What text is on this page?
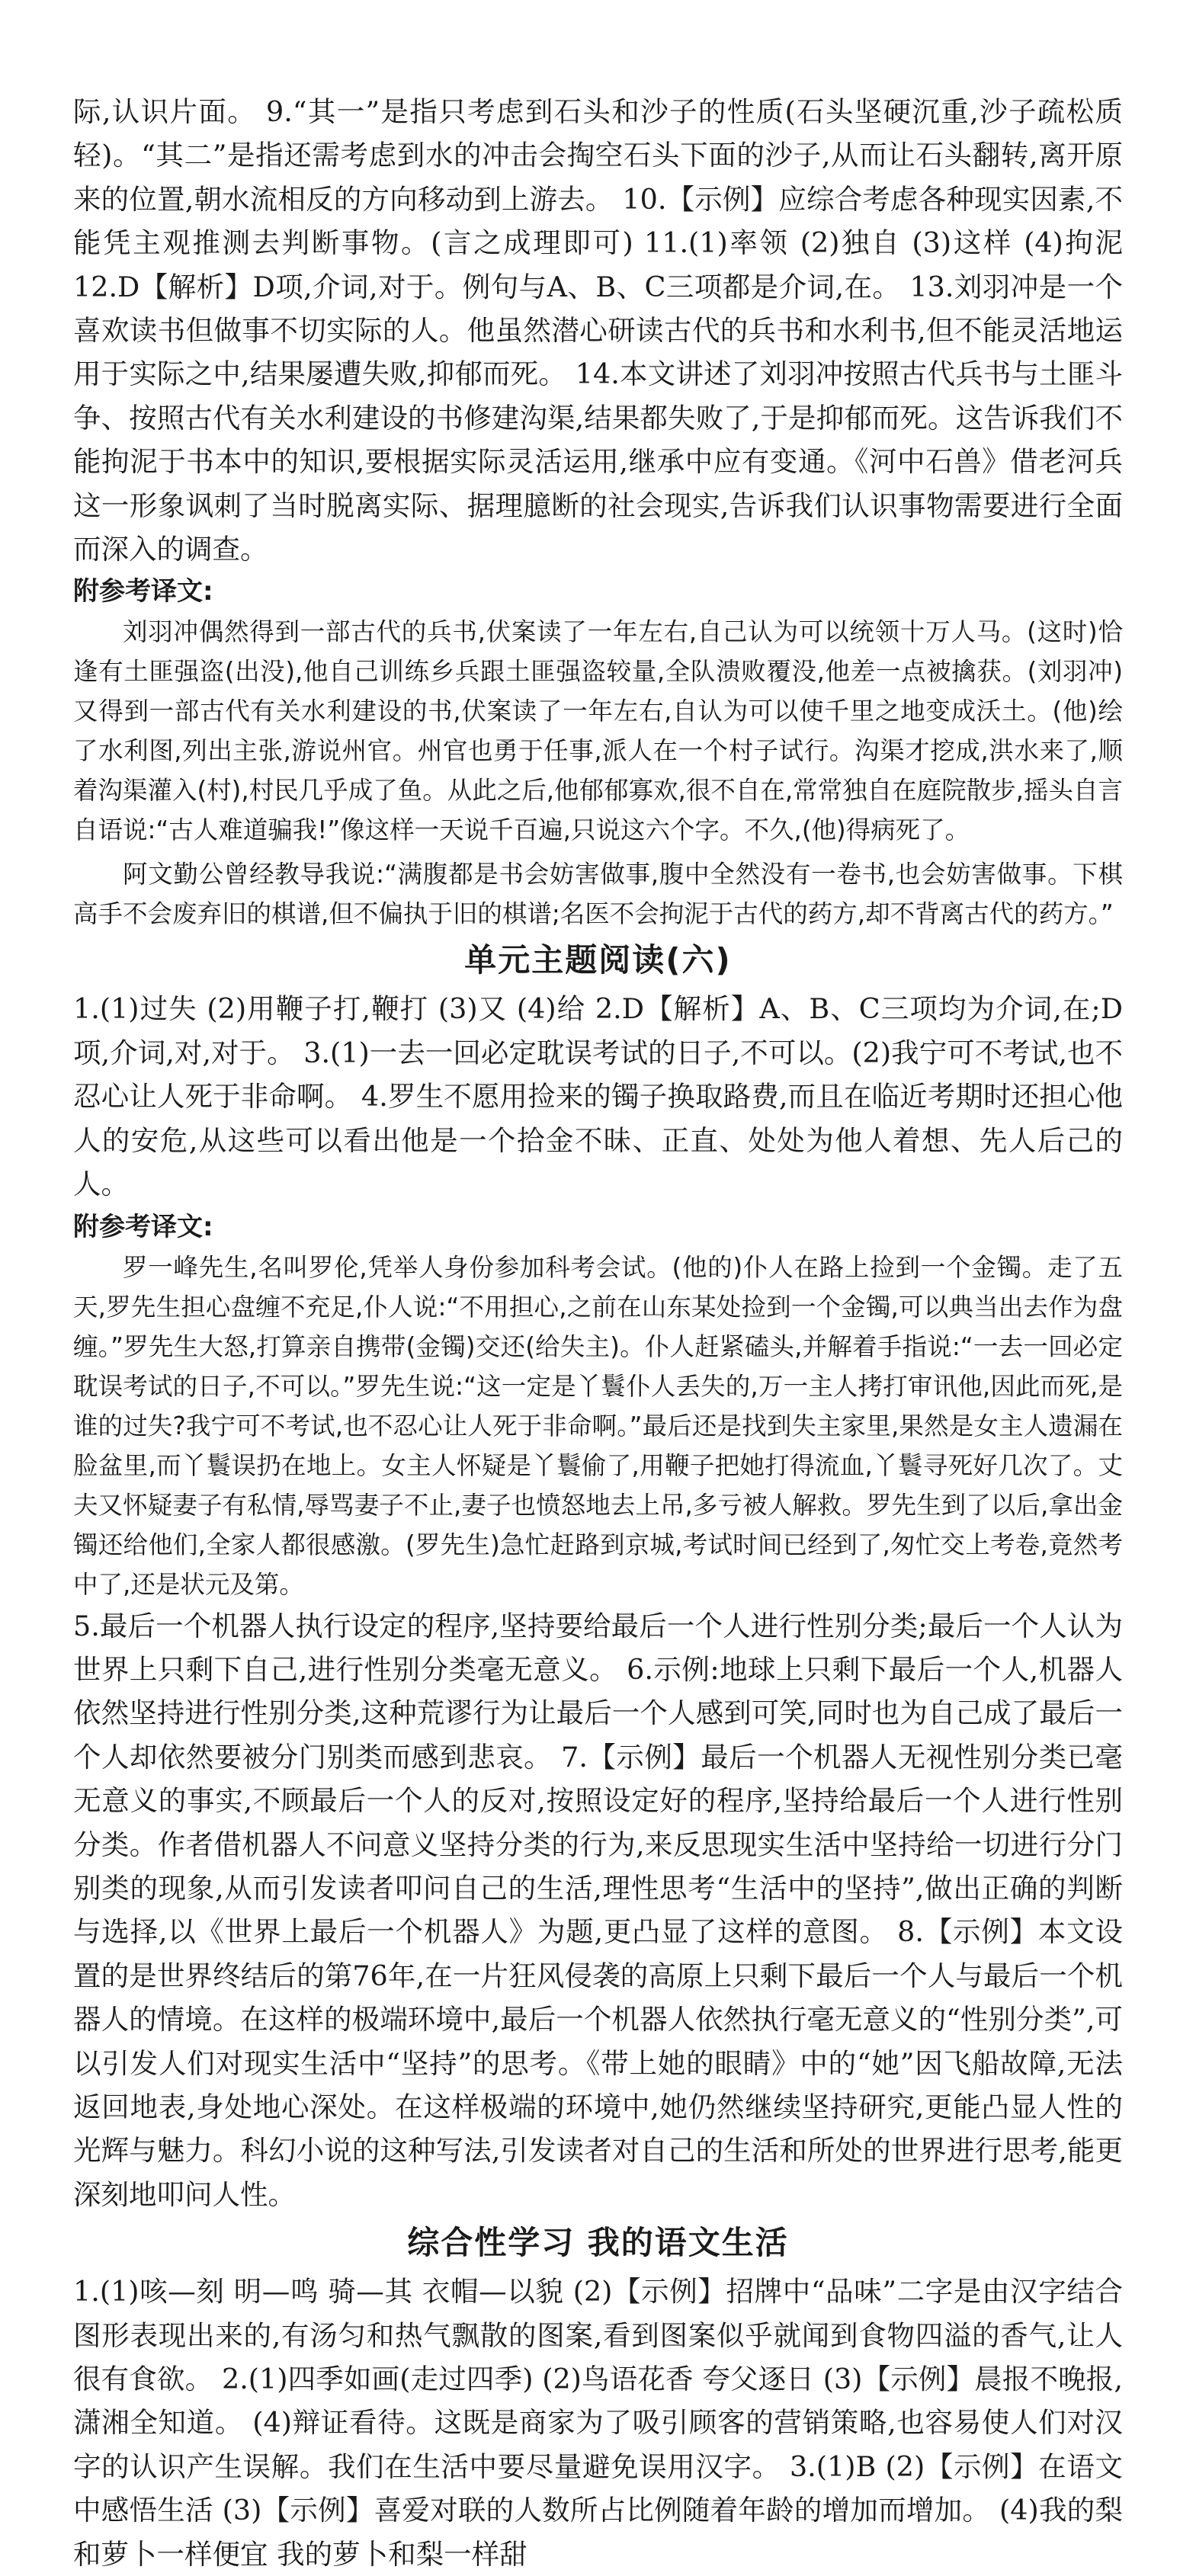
际,认识片面。 9.“其一”是指只考虑到石头和沙子的性质(石头坚硬沉重,沙子疏松质轻)。“其二”是指还需考虑到水的冲击会掏空石头下面的沙子,从而让石头翻转,离开原来的位置,朝水流相反的方向移动到上游去。 10.【示例】应综合考虑各种现实因素,不能凭主观推测去判断事物。(言之成理即可) 11.(1)率领 (2)独自 (3)这样 (4)拘泥 12.D【解析】D项,介词,对于。例句与A、B、C三项都是介词,在。 13.刘羽冲是一个喜欢读书但做事不切实际的人。他虽然潜心研读古代的兵书和水利书,但不能灵活地运用于实际之中,结果屡遭失败,抑郁而死。 14.本文讲述了刘羽冲按照古代兵书与土匪斗争、按照古代有关水利建设的书修建沟渠,结果都失败了,于是抑郁而死。这告诉我们不能拘泥于书本中的知识,要根据实际灵活运用,继承中应有变通。《河中石兽》借老河兵这一形象讽刺了当时脱离实际、据理臆断的社会现实,告诉我们认识事物需要进行全面而深入的调查。

附参考译文:

刘羽冲偶然得到一部古代的兵书,伏案读了一年左右,自己认为可以统领十万人马。(这时)恰逢有土匪强盗(出没),他自己训练乡兵跟土匪强盗较量,全队溃败覆没,他差一点被擒获。(刘羽冲)又得到一部古代有关水利建设的书,伏案读了一年左右,自认为可以使千里之地变成沃土。(他)绘了水利图,列出主张,游说州官。州官也勇于任事,派人在一个村子试行。沟渠才挖成,洪水来了,顺着沟渠灌入(村),村民几乎成了鱼。从此之后,他郁郁寡欢,很不自在,常常独自在庭院散步,摇头自言自语说:“古人难道骗我!”像这样一天说千百遍,只说这六个字。不久,(他)得病死了。

阿文勤公曾经教导我说:“满腹都是书会妨害做事,腹中全然没有一卷书,也会妨害做事。下棋高手不会废弃旧的棋谱,但不偏执于旧的棋谱;名医不会拘泥于古代的药方,却不背离古代的药方。”

单元主题阅读(六)

1.(1)过失 (2)用鞭子打,鞭打 (3)又 (4)给 2.D【解析】A、B、C三项均为介词,在;D项,介词,对,对于。 3.(1)一去一回必定耽误考试的日子,不可以。(2)我宁可不考试,也不忍心让人死于非命啊。 4.罗生不愿用捡来的镯子换取路费,而且在临近考期时还担心他人的安危,从这些可以看出他是一个拾金不昧、正直、处处为他人着想、先人后己的人。

附参考译文:

罗一峰先生,名叫罗伦,凭举人身份参加科考会试。(他的)仆人在路上捡到一个金镯。走了五天,罗先生担心盘缠不充足,仆人说:“不用担心,之前在山东某处捡到一个金镯,可以典当出去作为盘缠。”罗先生大怒,打算亲自携带(金镯)交还(给失主)。仆人赶紧磕头,并解着手指说:“一去一回必定耽误考试的日子,不可以。”罗先生说:“这一定是丫鬟仆人丢失的,万一主人拷打审讯他,因此而死,是谁的过失?我宁可不考试,也不忍心让人死于非命啊。”最后还是找到失主家里,果然是女主人遗漏在脸盆里,而丫鬟误扔在地上。女主人怀疑是丫鬟偷了,用鞭子把她打得流血,丫鬟寻死好几次了。丈夫又怀疑妻子有私情,辱骂妻子不止,妻子也愤怒地去上吊,多亏被人解救。罗先生到了以后,拿出金镯还给他们,全家人都很感激。(罗先生)急忙赶路到京城,考试时间已经到了,匆忙交上考卷,竟然考中了,还是状元及第。

5.最后一个机器人执行设定的程序,坚持要给最后一个人进行性别分类;最后一个人认为世界上只剩下自己,进行性别分类毫无意义。 6.示例:地球上只剩下最后一个人,机器人依然坚持进行性别分类,这种荒谬行为让最后一个人感到可笑,同时也为自己成了最后一个人却依然要被分门别类而感到悲哀。 7.【示例】最后一个机器人无视性别分类已毫无意义的事实,不顾最后一个人的反对,按照设定好的程序,坚持给最后一个人进行性别分类。作者借机器人不问意义坚持分类的行为,来反思现实生活中坚持给一切进行分门别类的现象,从而引发读者叩问自己的生活,理性思考“生活中的坚持”,做出正确的判断与选择,以《世界上最后一个机器人》为题,更凸显了这样的意图。 8.【示例】本文设置的是世界终结后的第76年,在一片狂风侵袭的高原上只剩下最后一个人与最后一个机器人的情境。在这样的极端环境中,最后一个机器人依然执行毫无意义的“性别分类”,可以引发人们对现实生活中“坚持”的思考。《带上她的眼睛》中的“她”因飞船故障,无法返回地表,身处地心深处。在这样极端的环境中,她仍然继续坚持研究,更能凸显人性的光辉与魅力。科幻小说的这种写法,引发读者对自己的生活和所处的世界进行思考,能更深刻地叩问人性。

综合性学习 我的语文生活

1.(1)咳—刻 明—鸣 骑—其 衣帽—以貌 (2)【示例】招牌中“品味”二字是由汉字结合图形表现出来的,有汤匀和热气飘散的图案,看到图案似乎就闻到食物四溢的香气,让人很有食欲。 2.(1)四季如画(走过四季) (2)鸟语花香 夸父逐日 (3)【示例】晨报不晚报,潇湘全知道。 (4)辩证看待。这既是商家为了吸引顾客的营销策略,也容易使人们对汉字的认识产生误解。我们在生活中要尽量避免误用汉字。 3.(1)B (2)【示例】在语文中感悟生活 (3)【示例】喜爱对联的人数所占比例随着年龄的增加而增加。 (4)我的梨和萝卜一样便宜 我的萝卜和梨一样甜
